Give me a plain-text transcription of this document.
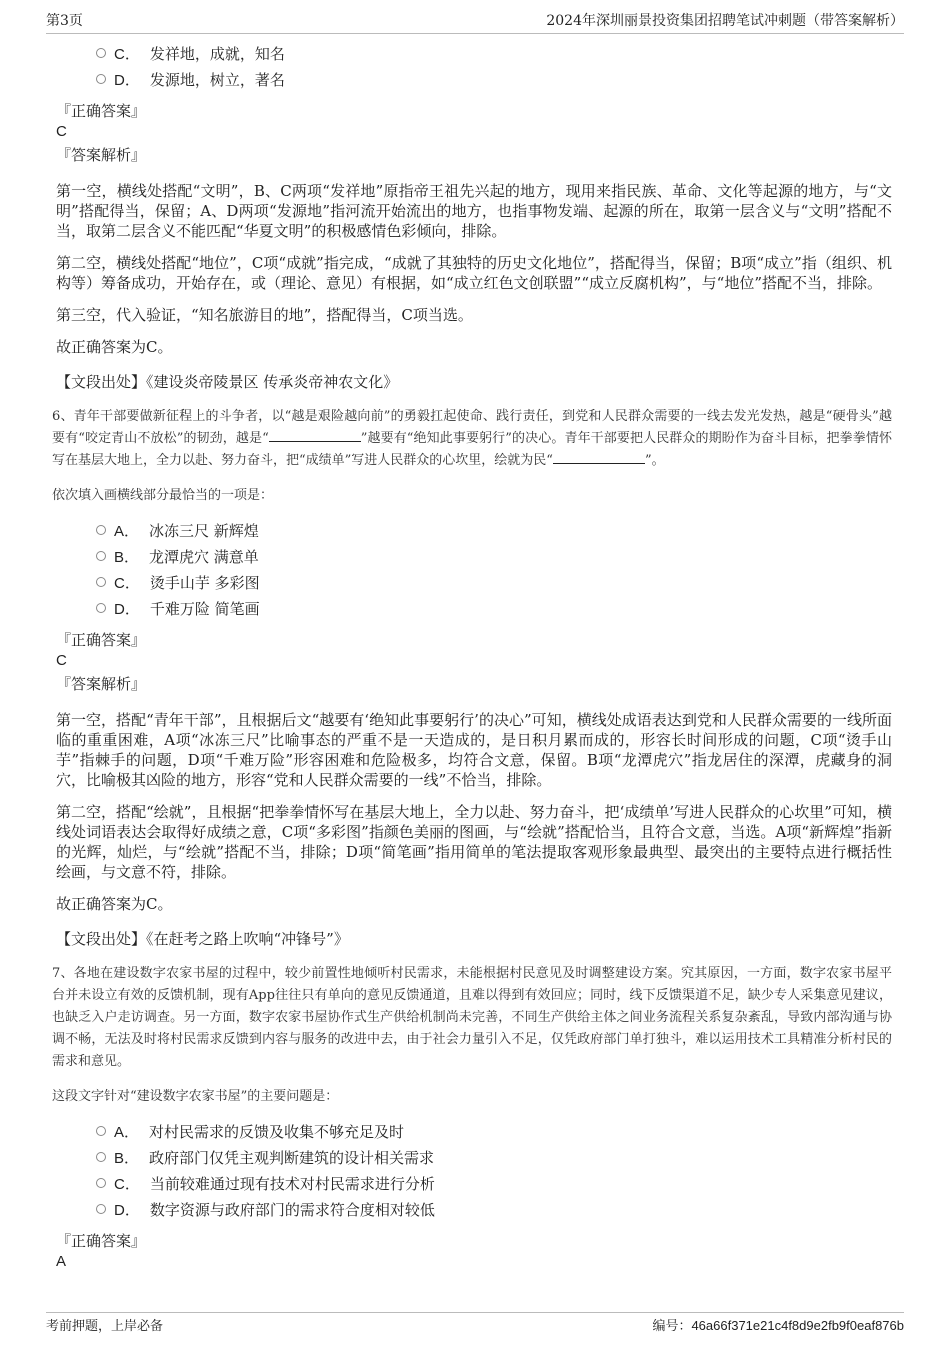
第3页	2024年深圳丽景投资集团招聘笔试冲刺题（带答案解析）
C． 发祥地，成就，知名
D． 发源地，树立，著名
『正确答案』
C
『答案解析』

第一空，横线处搭配“文明”，B、C两项“发祥地”原指帝王祖先兴起的地方，现用来指民族、革命、文化等起源的地方，与“文明”搭配得当，保留；A、D两项“发源地”指河流开始流出的地方，也指事物发端、起源的所在，取第一层含义与“文明”搭配不当，取第二层含义不能匹配“华夏文明”的积极感情色彩倾向，排除。

第二空，横线处搭配“地位”，C项“成就”指完成，“成就了其独特的历史文化地位”，搭配得当，保留；B项“成立”指（组织、机构等）筹备成功，开始存在，或（理论、意见）有根据，如“成立红色文创联盟”“成立反腐机构”，与“地位”搭配不当，排除。

第三空，代入验证，“知名旅游目的地”，搭配得当，C项当选。

故正确答案为C。

【文段出处】《建设炎帝陵景区 传承炎帝神农文化》

6、青年干部要做新征程上的斗争者，以“越是艰险越向前”的勇毅扛起使命、践行责任，到党和人民群众需要的一线去发光发热，越是“硬骨头”越要有“咬定青山不放松”的韧劲，越是“	”越要有“绝知此事要躬行”的决心。青年干部要把人民群众的期盼作为奋斗目标，把拳拳情怀写在基层大地上，全力以赴、努力奋斗，把“成绩单”写进人民群众的心坎里，绘就为民“	”。

依次填入画横线部分最恰当的一项是：
A． 冰冻三尺 新辉煌
B． 龙潭虎穴 满意单
C． 烫手山芋 多彩图
D． 千难万险 简笔画
『正确答案』
C
『答案解析』

第一空，搭配“青年干部”，且根据后文“越要有‘绝知此事要躬行’的决心”可知，横线处成语表达到党和人民群众需要的一线所面临的重重困难，A项“冰冻三尺”比喻事态的严重不是一天造成的，是日积月累而成的，形容长时间形成的问题，C项“烫手山芋”指棘手的问题，D项“千难万险”形容困难和危险极多，均符合文意，保留。B项“龙潭虎穴”指龙居住的深潭，虎藏身的洞穴，比喻极其凶险的地方，形容“党和人民群众需要的一线”不恰当，排除。

第二空，搭配“绘就”，且根据“把拳拳情怀写在基层大地上，全力以赴、努力奋斗，把‘成绩单’写进人民群众的心坎里”可知，横线处词语表达会取得好成绩之意，C项“多彩图”指颜色美丽的图画，与“绘就”搭配恰当，且符合文意，当选。A项“新辉煌”指新的光辉，灿烂，与“绘就”搭配不当，排除；D项“简笔画”指用简单的笔法提取客观形象最典型、最突出的主要特点进行概括性绘画，与文意不符，排除。

故正确答案为C。

【文段出处】《在赶考之路上吹响“冲锋号”》

7、各地在建设数字农家书屋的过程中，较少前置性地倾听村民需求，未能根据村民意见及时调整建设方案。究其原因，一方面，数字农家书屋平台并未设立有效的反馈机制，现有App往往只有单向的意见反馈通道，且难以得到有效回应；同时，线下反馈渠道不足，缺少专人采集意见建议，也缺乏入户走访调查。另一方面，数字农家书屋协作式生产供给机制尚未完善，不同生产供给主体之间业务流程关系复杂紊乱，导致内部沟通与协调不畅，无法及时将村民需求反馈到内容与服务的改进中去，由于社会力量引入不足，仅凭政府部门单打独斗，难以运用技术工具精准分析村民的需求和意见。

这段文字针对“建设数字农家书屋”的主要问题是：
A． 对村民需求的反馈及收集不够充足及时
B． 政府部门仅凭主观判断建筑的设计相关需求
C． 当前较难通过现有技术对村民需求进行分析
D． 数字资源与政府部门的需求符合度相对较低
『正确答案』
A
考前押题，上岸必备	编号：46a66f371e21c4f8d9e2fb9f0eaf876b
